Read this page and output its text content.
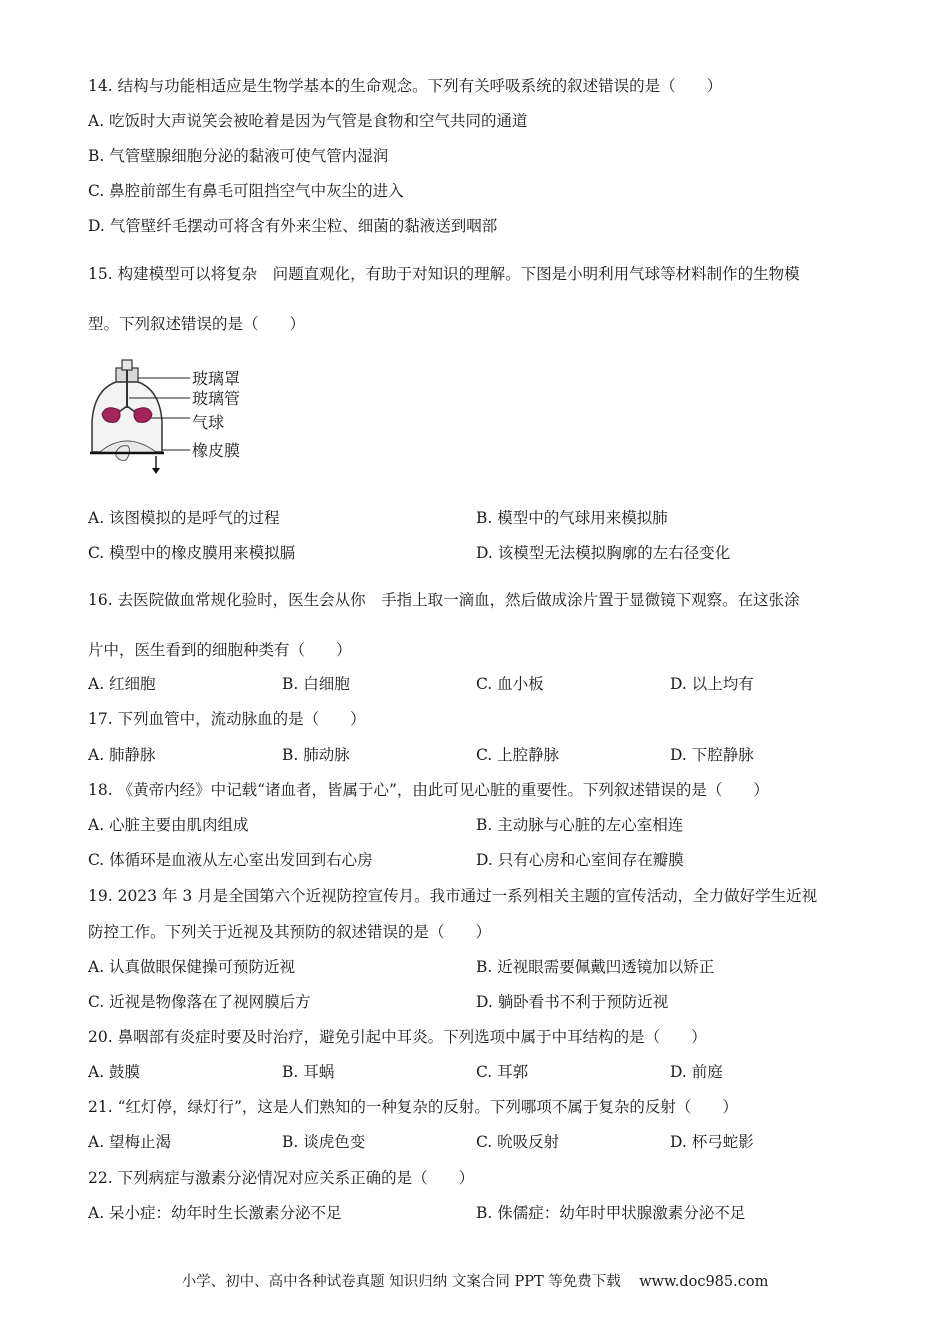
14. 结构与功能相适应是生物学基本的生命观念。下列有关呼吸系统的叙述错误的是（　　）
A. 吃饭时大声说笑会被呛着是因为气管是食物和空气共同的通道
B. 气管壁腺细胞分泌的黏液可使气管内湿润
C. 鼻腔前部生有鼻毛可阻挡空气中灰尘的进入
D. 气管壁纤毛摆动可将含有外来尘粒、细菌的黏液送到咽部
15. 构建模型可以将复杂　问题直观化，有助于对知识的理解。下图是小明利用气球等材料制作的生物模
型。下列叙述错误的是（　　）
玻璃罩
玻璃管
气球
橡皮膜
A. 该图模拟的是呼气的过程	B. 模型中的气球用来模拟肺
C. 模型中的橡皮膜用来模拟膈	D. 该模型无法模拟胸廓的左右径变化
16. 去医院做血常规化验时，医生会从你　手指上取一滴血，然后做成涂片置于显微镜下观察。在这张涂
片中，医生看到的细胞种类有（　　）
A. 红细胞	B. 白细胞	C. 血小板	D. 以上均有
17. 下列血管中，流动脉血的是（　　）
A. 肺静脉	B. 肺动脉	C. 上腔静脉	D. 下腔静脉
18. 《黄帝内经》中记载“诸血者，皆属于心”，由此可见心脏的重要性。下列叙述错误的是（　　）
A. 心脏主要由肌肉组成	B. 主动脉与心脏的左心室相连
C. 体循环是血液从左心室出发回到右心房	D. 只有心房和心室间存在瓣膜
19. 2023 年 3 月是全国第六个近视防控宣传月。我市通过一系列相关主题的宣传活动，全力做好学生近视
防控工作。下列关于近视及其预防的叙述错误的是（　　）
A. 认真做眼保健操可预防近视	B. 近视眼需要佩戴凹透镜加以矫正
C. 近视是物像落在了视网膜后方	D. 躺卧看书不利于预防近视
20. 鼻咽部有炎症时要及时治疗，避免引起中耳炎。下列选项中属于中耳结构的是（　　）
A. 鼓膜	B. 耳蜗	C. 耳郭	D. 前庭
21. “红灯停，绿灯行”，这是人们熟知的一种复杂的反射。下列哪项不属于复杂的反射（　　）
A. 望梅止渴	B. 谈虎色变	C. 吮吸反射	D. 杯弓蛇影
22. 下列病症与激素分泌情况对应关系正确的是（　　）
A. 呆小症：幼年时生长激素分泌不足	B. 侏儒症：幼年时甲状腺激素分泌不足
小学、初中、高中各种试卷真题 知识归纳 文案合同 PPT 等免费下载 www.doc985.com
